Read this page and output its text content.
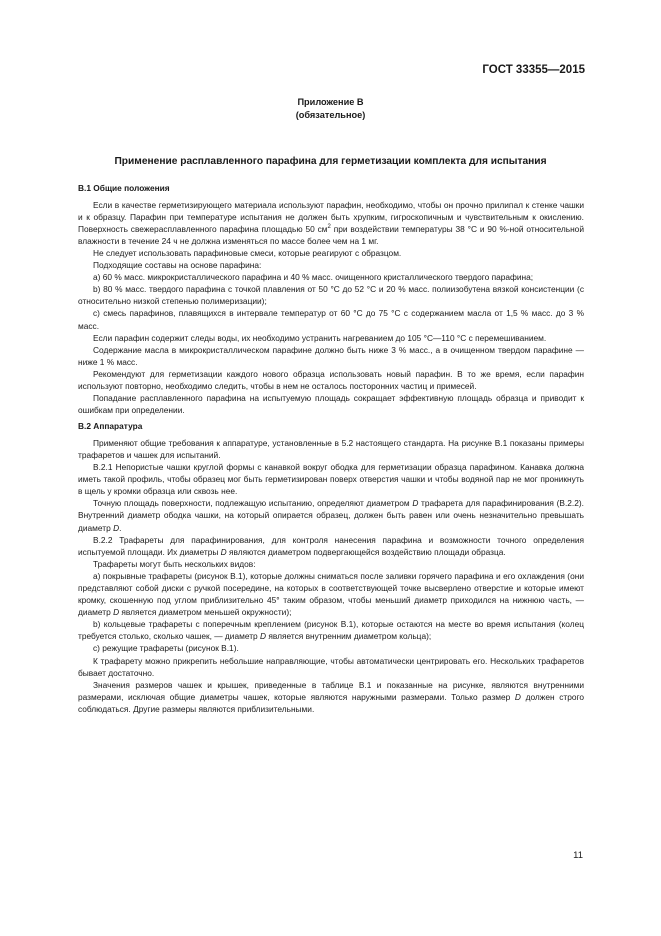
ГОСТ 33355—2015
Приложение В
(обязательное)
Применение расплавленного парафина для герметизации комплекта для испытания
В.1 Общие положения

Если в качестве герметизирующего материала используют парафин, необходимо, чтобы он прочно прилипал к стенке чашки и к образцу. Парафин при температуре испытания не должен быть хрупким, гигроскопичным и чувствительным к окислению. Поверхность свежерасплавленного парафина площадью 50 $см^2$ при воздействии температуры 38 °С и 90 %-ной относительной влажности в течение 24 ч не должна изменяться по массе более чем на 1 мг.

Не следует использовать парафиновые смеси, которые реагируют с образцом.

Подходящие составы на основе парафина:

а) 60 % масс. микрокристаллического парафина и 40 % масс. очищенного кристаллического твердого парафина;

b) 80 % масс. твердого парафина с точкой плавления от 50 °С до 52 °С и 20 % масс. полиизобутена вязкой консистенции (с относительно низкой степенью полимеризации);

с) смесь парафинов, плавящихся в интервале температур от 60 °С до 75 °С с содержанием масла от 1,5 % масс. до 3 % масс.

Если парафин содержит следы воды, их необходимо устранить нагреванием до 105 °С—110 °С с перемешиванием.

Содержание масла в микрокристаллическом парафине должно быть ниже 3 % масс., а в очищенном твердом парафине — ниже 1 % масс.

Рекомендуют для герметизации каждого нового образца использовать новый парафин. В то же время, если парафин используют повторно, необходимо следить, чтобы в нем не осталось посторонних частиц и примесей.

Попадание расплавленного парафина на испытуемую площадь сокращает эффективную площадь образца и приводит к ошибкам при определении.

В.2 Аппаратура

Применяют общие требования к аппаратуре, установленные в 5.2 настоящего стандарта. На рисунке В.1 показаны примеры трафаретов и чашек для испытаний.

В.2.1 Непористые чашки круглой формы с канавкой вокруг ободка для герметизации образца парафином. Канавка должна иметь такой профиль, чтобы образец мог быть герметизирован поверх отверстия чашки и чтобы водяной пар не мог проникнуть в щель у кромки образца или сквозь нее.

Точную площадь поверхности, подлежащую испытанию, определяют диаметром D трафарета для парафинирования (В.2.2). Внутренний диаметр ободка чашки, на который опирается образец, должен быть равен или очень незначительно превышать диаметр D.

В.2.2 Трафареты для парафинирования, для контроля нанесения парафина и возможности точного определения испытуемой площади. Их диаметры D являются диаметром подвергающейся воздействию площади образца.

Трафареты могут быть нескольких видов:

а) покрывные трафареты (рисунок В.1), которые должны сниматься после заливки горячего парафина и его охлаждения (они представляют собой диски с ручкой посередине, на которых в соответствующей точке высверлено отверстие и которые имеют кромку, скошенную под углом приблизительно 45° таким образом, чтобы меньший диаметр приходился на нижнюю часть, — диаметр D является диаметром меньшей окружности);

b) кольцевые трафареты с поперечным креплением (рисунок В.1), которые остаются на месте во время испытания (колец требуется столько, сколько чашек, — диаметр D является внутренним диаметром кольца);

с) режущие трафареты (рисунок В.1).

К трафарету можно прикрепить небольшие направляющие, чтобы автоматически центрировать его. Нескольких трафаретов бывает достаточно.

Значения размеров чашек и крышек, приведенные в таблице В.1 и показанные на рисунке, являются внутренними размерами, исключая общие диаметры чашек, которые являются наружными размерами. Только размер D должен строго соблюдаться. Другие размеры являются приблизительными.

11
